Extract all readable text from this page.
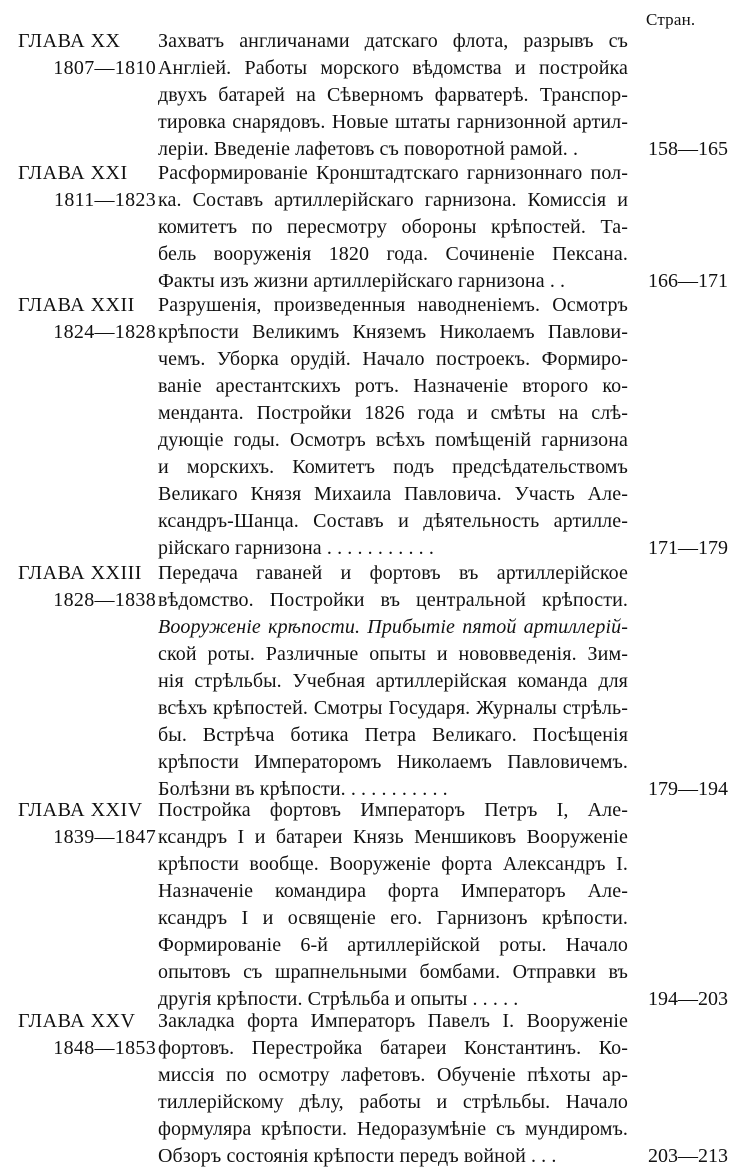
Стран.
ГЛАВА XX
1807—1810
Захватъ англичанами датскаго флота, разрывъ съ
Англіей. Работы морского вѣдомства и постройка
двухъ батарей на Сѣверномъ фарватерѣ. Транспор-
тировка снарядовъ. Новые штаты гарнизонной артил-
леріи. Введеніе лафетовъ съ поворотной рамой. .	158—165
ГЛАВА XXI
1811—1823
Расформированіе Кронштадтскаго гарнизоннаго пол-
ка. Составъ артиллерійскаго гарнизона. Комиссія и
комитетъ по пересмотру обороны крѣпостей. Та-
бель вооруженія 1820 года. Сочиненіе Пексана.
Факты изъ жизни артиллерійскаго гарнизона . .	166—171
ГЛАВА XXII
1824—1828
Разрушенія, произведенныя наводненіемъ. Осмотръ
крѣпости Великимъ Княземъ Николаемъ Павлови-
чемъ. Уборка орудій. Начало построекъ. Формиро-
ваніе арестантскихъ ротъ. Назначеніе второго ко-
менданта. Постройки 1826 года и смѣты на слѣ-
дующіе годы. Осмотръ всѣхъ помѣщеній гарнизона
и морскихъ. Комитетъ подъ предсѣдательствомъ
Великаго Князя Михаила Павловича. Участь Але-
ксандръ-Шанца. Составъ и дѣятельность артилле-
рійскаго гарнизона . . . . . . . . . . .	171—179
ГЛАВА XXIII
1828—1838
Передача гаваней и фортовъ въ артиллерійское
вѣдомство. Постройки въ центральной крѣпости.
Вооруженіе крѣпости. Прибытіе пятой артиллерій-
ской роты. Различные опыты и нововведенія. Зим-
нія стрѣльбы. Учебная артиллерійская команда для
всѣхъ крѣпостей. Смотры Государя. Журналы стрѣль-
бы. Встрѣча ботика Петра Великаго. Посѣщенія
крѣпости Императоромъ Николаемъ Павловичемъ.
Болѣзни въ крѣпости. . . . . . . . . . .	179—194
ГЛАВА XXIV
1839—1847
Постройка фортовъ Императоръ Петръ I, Але-
ксандръ I и батареи Князь Меншиковъ Вооруженіе
крѣпости вообще. Вооруженіе форта Александръ I.
Назначеніе командира форта Императоръ Але-
ксандръ I и освященіе его. Гарнизонъ крѣпости.
Формированіе 6-й артиллерійской роты. Начало
опытовъ съ шрапнельными бомбами. Отправки въ
другія крѣпости. Стрѣльба и опыты . . . . .	194—203
ГЛАВА XXV
1848—1853
Закладка форта Императоръ Павелъ I. Вооруженіе
фортовъ. Перестройка батареи Константинъ. Ко-
миссія по осмотру лафетовъ. Обученіе пѣхоты ар-
тиллерійскому дѣлу, работы и стрѣльбы. Начало
формуляра крѣпости. Недоразумѣніе съ мундиромъ.
Обзоръ состоянія крѣпости передъ войной . . .	203—213
